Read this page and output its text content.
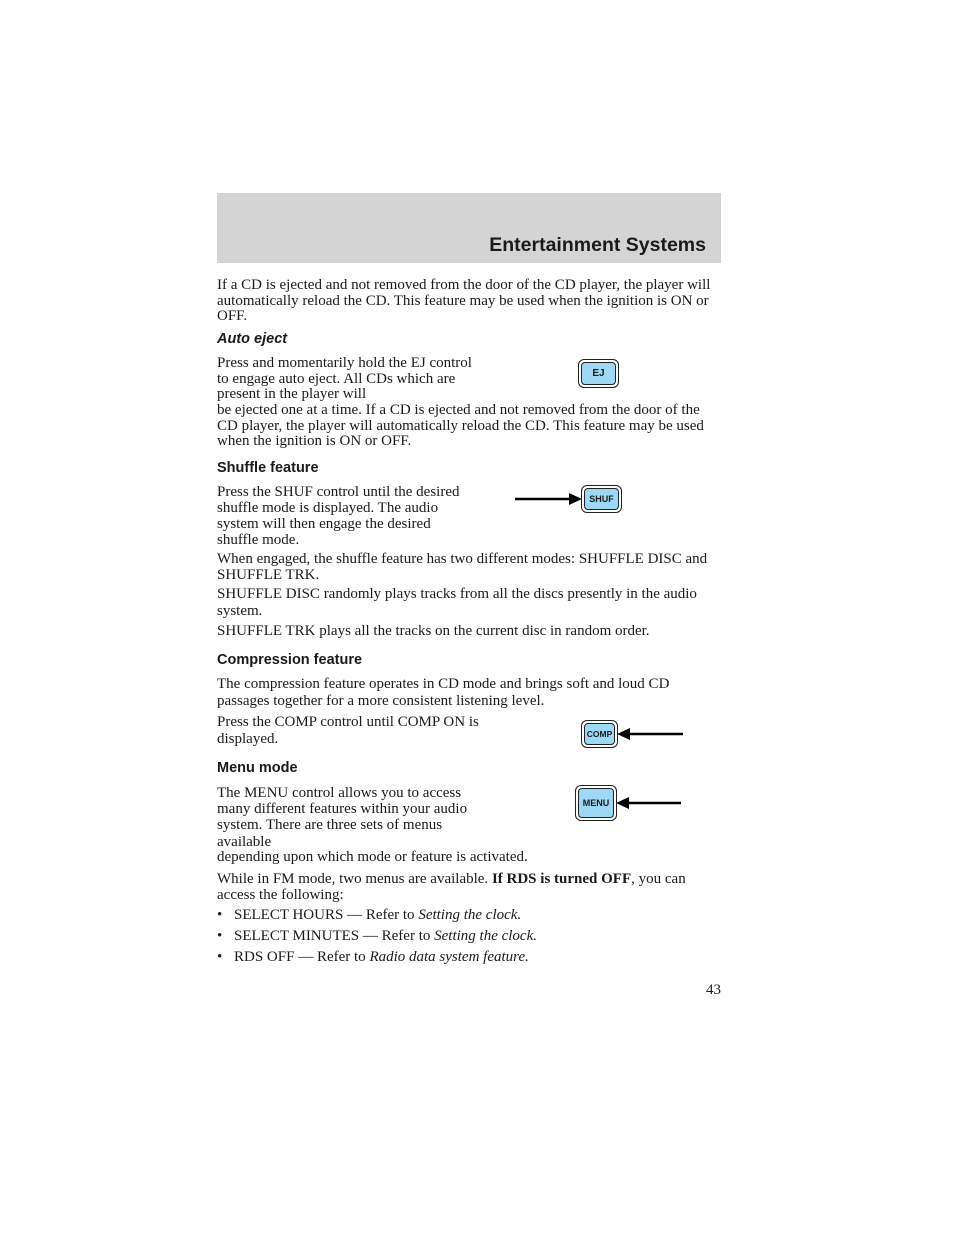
Entertainment Systems

If a CD is ejected and not removed from the door of the CD player, the player will automatically reload the CD. This feature may be used when the ignition is ON or OFF.

Auto eject

Press and momentarily hold the EJ control to engage auto eject. All CDs which are present in the player will

be ejected one at a time. If a CD is ejected and not removed from the door of the CD player, the player will automatically reload the CD. This feature may be used when the ignition is ON or OFF.

EJ
Shuffle feature

Press the SHUF control until the desired shuffle mode is displayed. The audio system will then engage the desired shuffle mode.

SHUF

When engaged, the shuffle feature has two different modes: SHUFFLE DISC and SHUFFLE TRK.

SHUFFLE DISC randomly plays tracks from all the discs presently in the audio system.

SHUFFLE TRK plays all the tracks on the current disc in random order.

Compression feature

The compression feature operates in CD mode and brings soft and loud CD passages together for a more consistent listening level.

Press the COMP control until COMP ON is displayed.	COMP
Menu mode

The MENU control allows you to access many different features within your audio system. There are three sets of menus available

depending upon which mode or feature is activated.

MENU

While in FM mode, two menus are available. If RDS is turned OFF, you can access the following:

• SELECT HOURS — Refer to Setting the clock.
• SELECT MINUTES — Refer to Setting the clock.
• RDS OFF — Refer to Radio data system feature.
43
